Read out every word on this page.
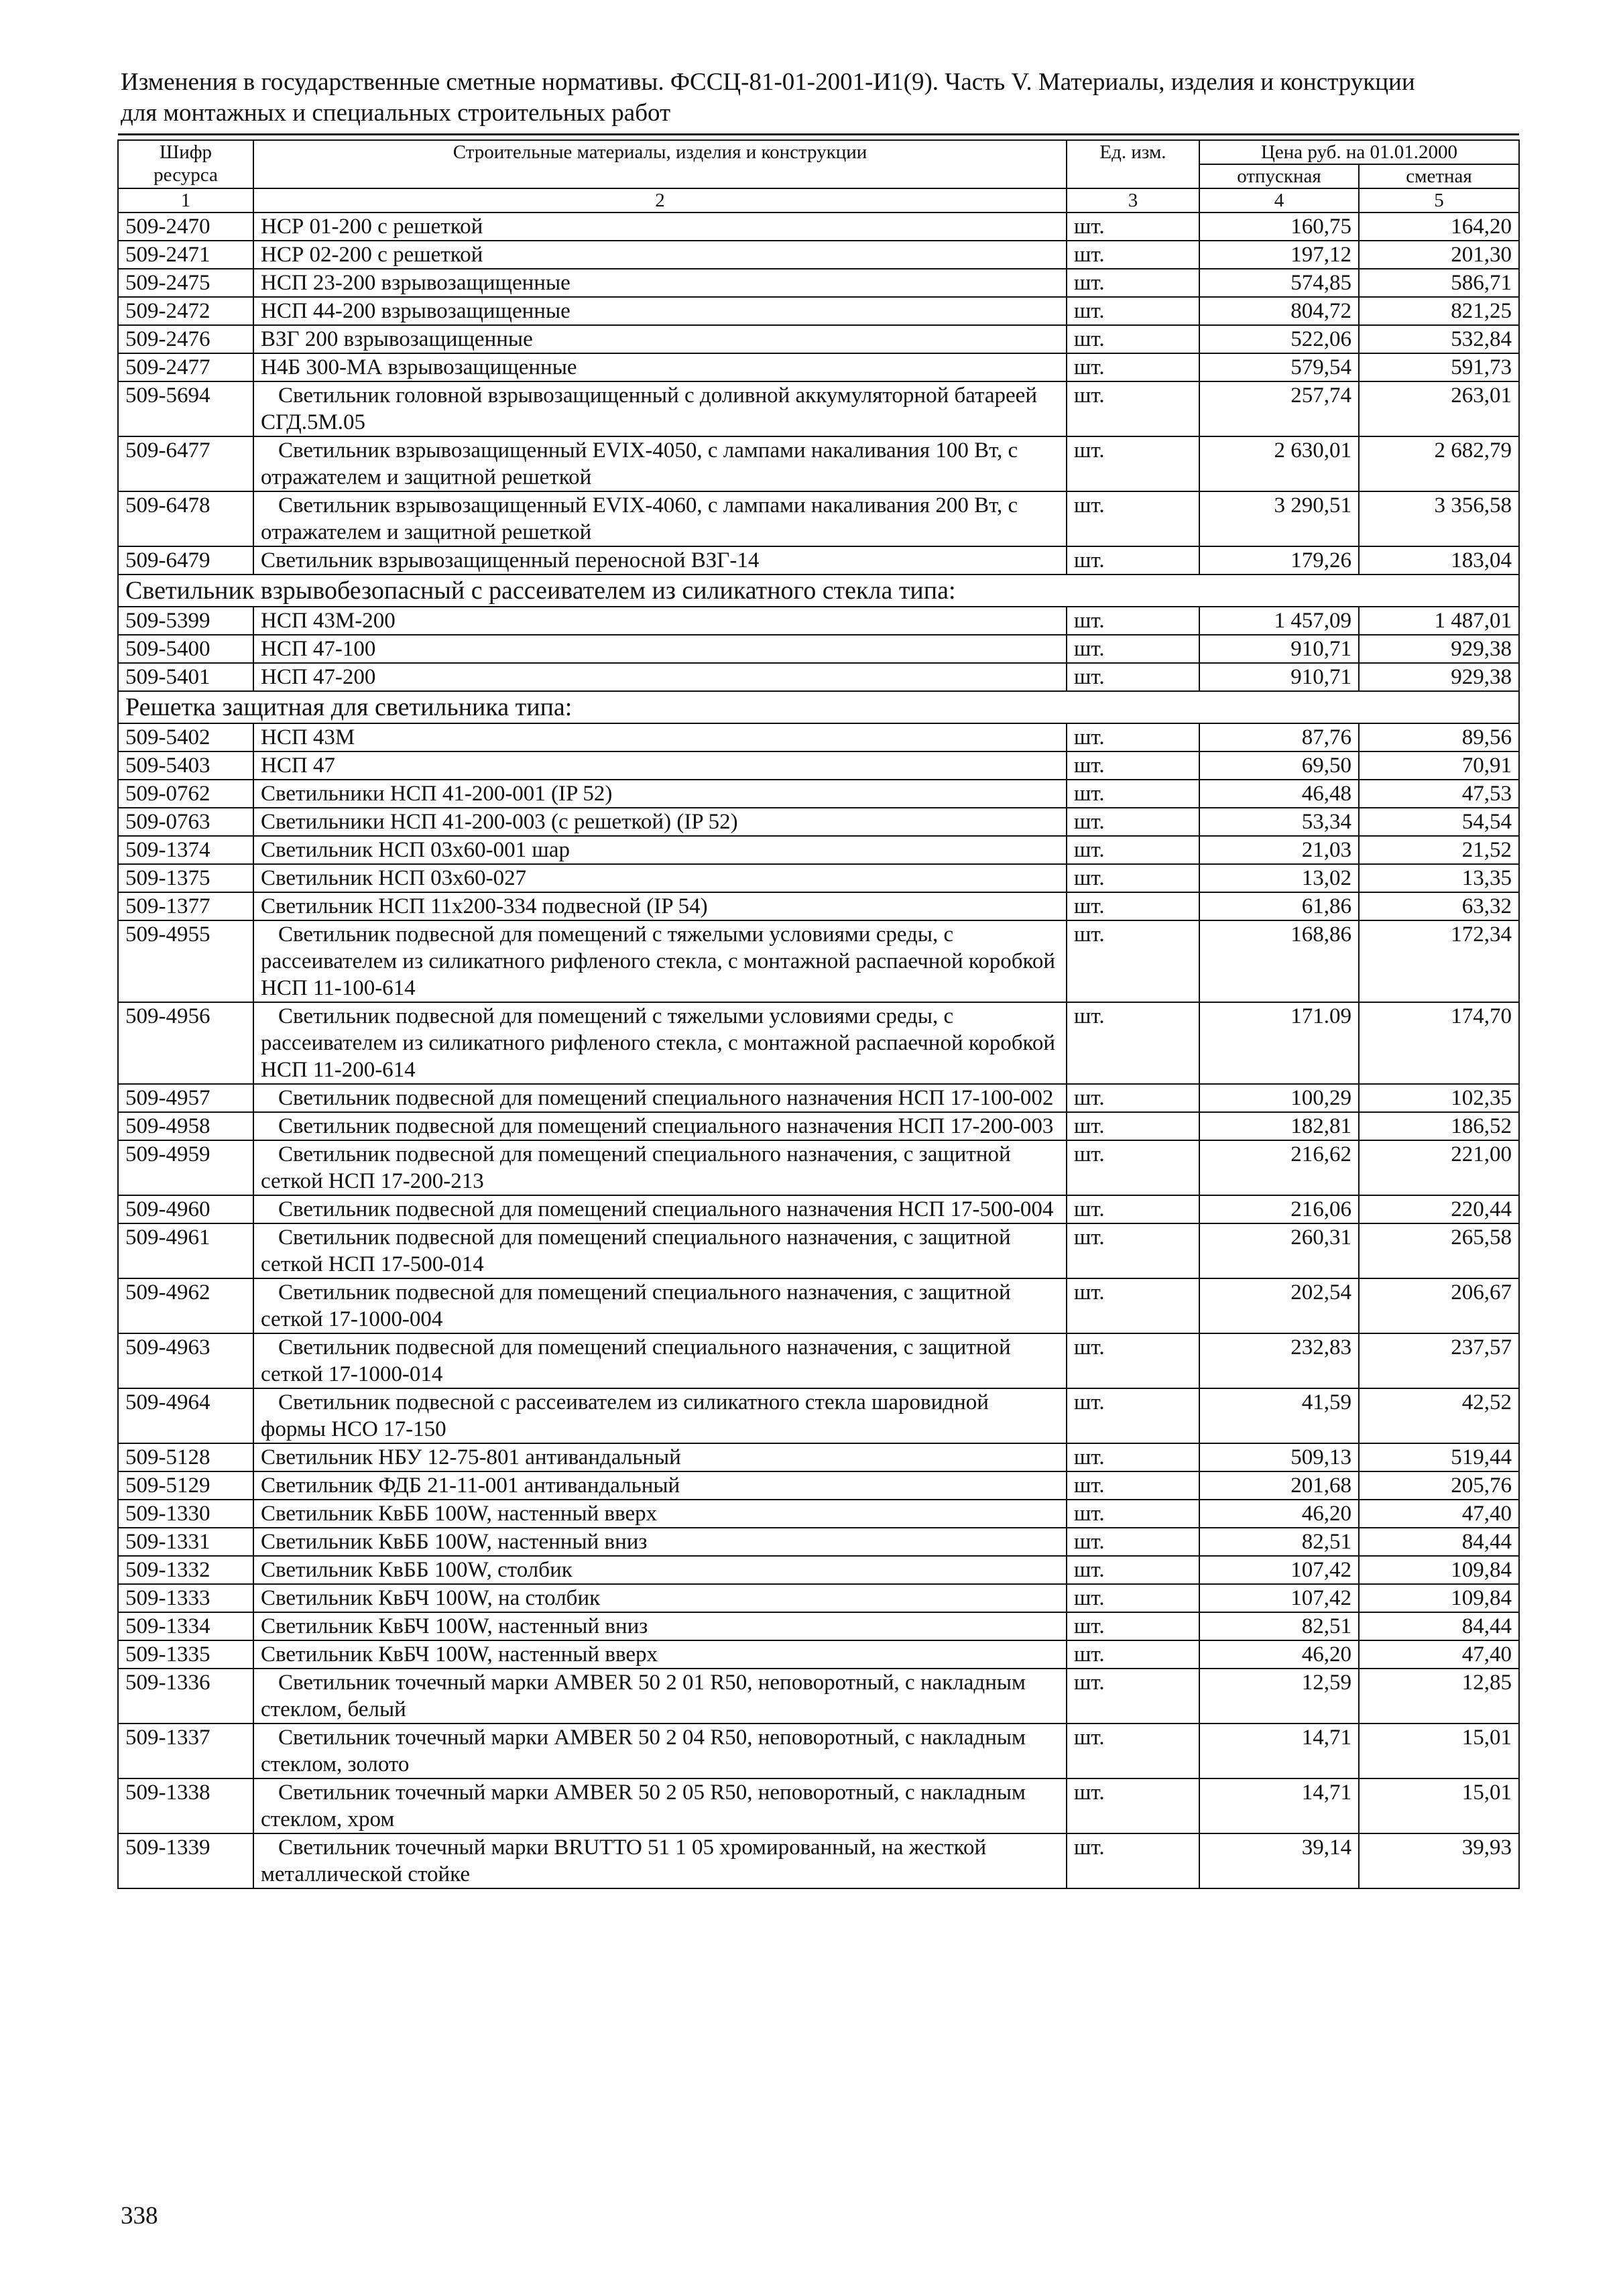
Изменения в государственные сметные нормативы. ФССЦ-81-01-2001-И1(9). Часть V. Материалы, изделия и конструкции для монтажных и специальных строительных работ
Шифр ресурса	Строительные материалы, изделия и конструкции	Ед. изм.	Цена руб. на 01.01.2000	
			отпускная	сметная
1	2	3	4	5
509-2470	НСР 01-200 с решеткой	шт.	160,75	164,20
509-2471	НСР 02-200 с решеткой	шт.	197,12	201,30
509-2475	НСП 23-200 взрывозащищенные	шт.	574,85	586,71
509-2472	НСП 44-200 взрывозащищенные	шт.	804,72	821,25
509-2476	ВЗГ 200 взрывозащищенные	шт.	522,06	532,84
509-2477	Н4Б 300-МА взрывозащищенные	шт.	579,54	591,73
509-5694	Светильник головной взрывозащищенный с доливной аккумуляторной батареей СГД.5М.05	шт.	257,74	263,01
509-6477	Светильник взрывозащищенный EVIX-4050, с лампами накаливания 100 Вт, с отражателем и защитной решеткой	шт.	2 630,01	2 682,79
509-6478	Светильник взрывозащищенный EVIX-4060, с лампами накаливания 200 Вт, с отражателем и защитной решеткой	шт.	3 290,51	3 356,58
509-6479	Светильник взрывозащищенный переносной ВЗГ-14	шт.	179,26	183,04
Светильник взрывобезопасный с рассеивателем из силикатного стекла типа:				
509-5399	НСП 43М-200	шт.	1 457,09	1 487,01
509-5400	НСП 47-100	шт.	910,71	929,38
509-5401	НСП 47-200	шт.	910,71	929,38
Решетка защитная для светильника типа:				
509-5402	НСП 43М	шт.	87,76	89,56
509-5403	НСП 47	шт.	69,50	70,91
509-0762	Светильники НСП 41-200-001 (IP 52)	шт.	46,48	47,53
509-0763	Светильники НСП 41-200-003 (с решеткой) (IP 52)	шт.	53,34	54,54
509-1374	Светильник НСП 03х60-001 шар	шт.	21,03	21,52
509-1375	Светильник НСП 03х60-027	шт.	13,02	13,35
509-1377	Светильник НСП 11х200-334 подвесной (IP 54)	шт.	61,86	63,32
509-4955	Светильник подвесной для помещений с тяжелыми условиями среды, с рассеивателем из силикатного рифленого стекла, с монтажной распаечной коробкой НСП 11-100-614	шт.	168,86	172,34
509-4956	Светильник подвесной для помещений с тяжелыми условиями среды, с рассеивателем из силикатного рифленого стекла, с монтажной распаечной коробкой НСП 11-200-614	шт.	171.09	174,70
509-4957	Светильник подвесной для помещений специального назначения НСП 17-100-002	шт.	100,29	102,35
509-4958	Светильник подвесной для помещений специального назначения НСП 17-200-003	шт.	182,81	186,52
509-4959	Светильник подвесной для помещений специального назначения, с защитной сеткой НСП 17-200-213	шт.	216,62	221,00
509-4960	Светильник подвесной для помещений специального назначения НСП 17-500-004	шт.	216,06	220,44
509-4961	Светильник подвесной для помещений специального назначения, с защитной сеткой НСП 17-500-014	шт.	260,31	265,58
509-4962	Светильник подвесной для помещений специального назначения, с защитной сеткой 17-1000-004	шт.	202,54	206,67
509-4963	Светильник подвесной для помещений специального назначения, с защитной сеткой 17-1000-014	шт.	232,83	237,57
509-4964	Светильник подвесной с рассеивателем из силикатного стекла шаровидной формы НСО 17-150	шт.	41,59	42,52
509-5128	Светильник НБУ 12-75-801 антивандальный	шт.	509,13	519,44
509-5129	Светильник ФДБ 21-11-001 антивандальный	шт.	201,68	205,76
509-1330	Светильник КвББ 100W, настенный вверх	шт.	46,20	47,40
509-1331	Светильник КвББ 100W, настенный вниз	шт.	82,51	84,44
509-1332	Светильник КвББ 100W, столбик	шт.	107,42	109,84
509-1333	Светильник КвБЧ 100W, на столбик	шт.	107,42	109,84
509-1334	Светильник КвБЧ 100W, настенный вниз	шт.	82,51	84,44
509-1335	Светильник КвБЧ 100W, настенный вверх	шт.	46,20	47,40
509-1336	Светильник точечный марки AMBER 50 2 01 R50, неповоротный, с накладным стеклом, белый	шт.	12,59	12,85
509-1337	Светильник точечный марки AMBER 50 2 04 R50, неповоротный, с накладным стеклом, золото	шт.	14,71	15,01
509-1338	Светильник точечный марки AMBER 50 2 05 R50, неповоротный, с накладным стеклом, хром	шт.	14,71	15,01
509-1339	Светильник точечный марки BRUTTO 51 1 05 хромированный, на жесткой металлической стойке	шт.	39,14	39,93
338
